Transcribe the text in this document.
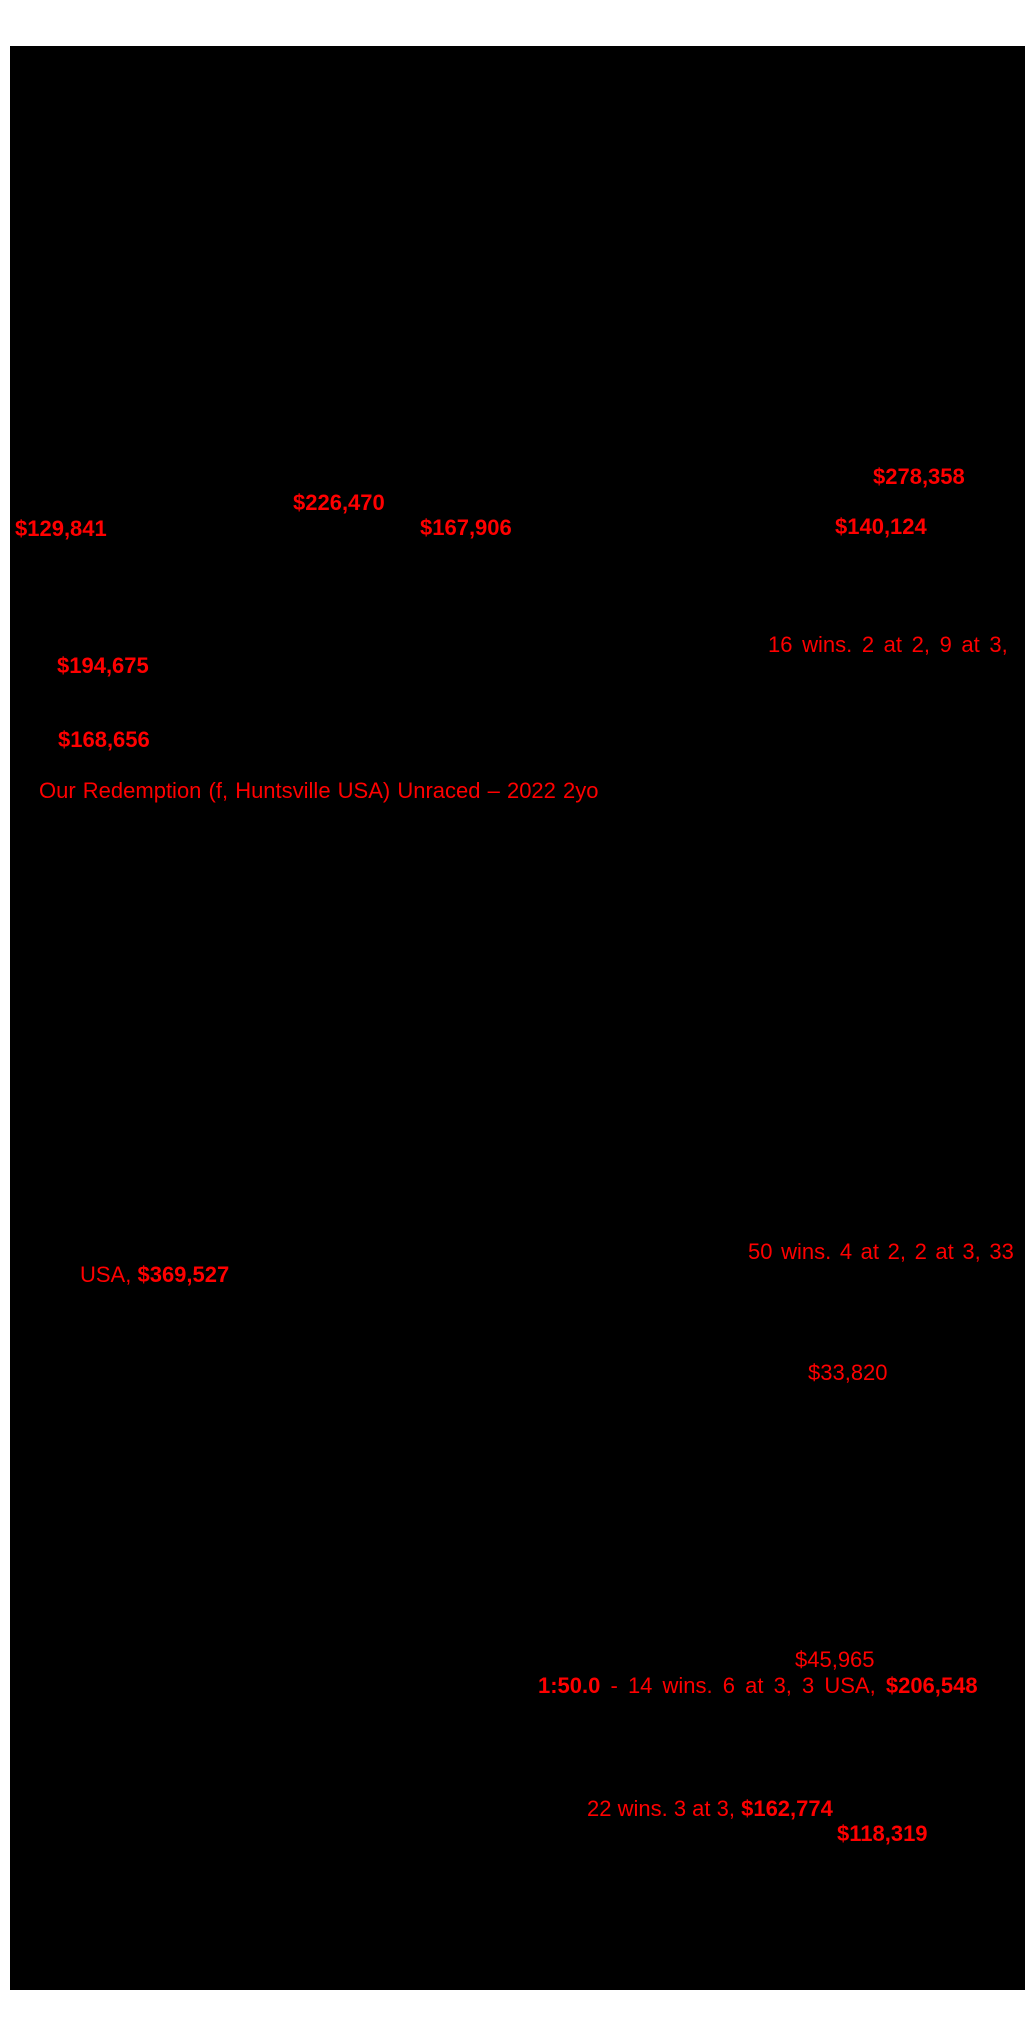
$278,358
$226,470
$129,841	$167,906	$140,124
16 wins. 2 at 2, 9 at 3,
$194,675
$168,656
Our Redemption (f, Huntsville USA) Unraced – 2022 2yo
50 wins. 4 at 2, 2 at 3, 33
USA, $369,527
$33,820
$45,965
1:50.0 - 14 wins. 6 at 3, 3 USA, $206,548
22 wins. 3 at 3, $162,774
$118,319
